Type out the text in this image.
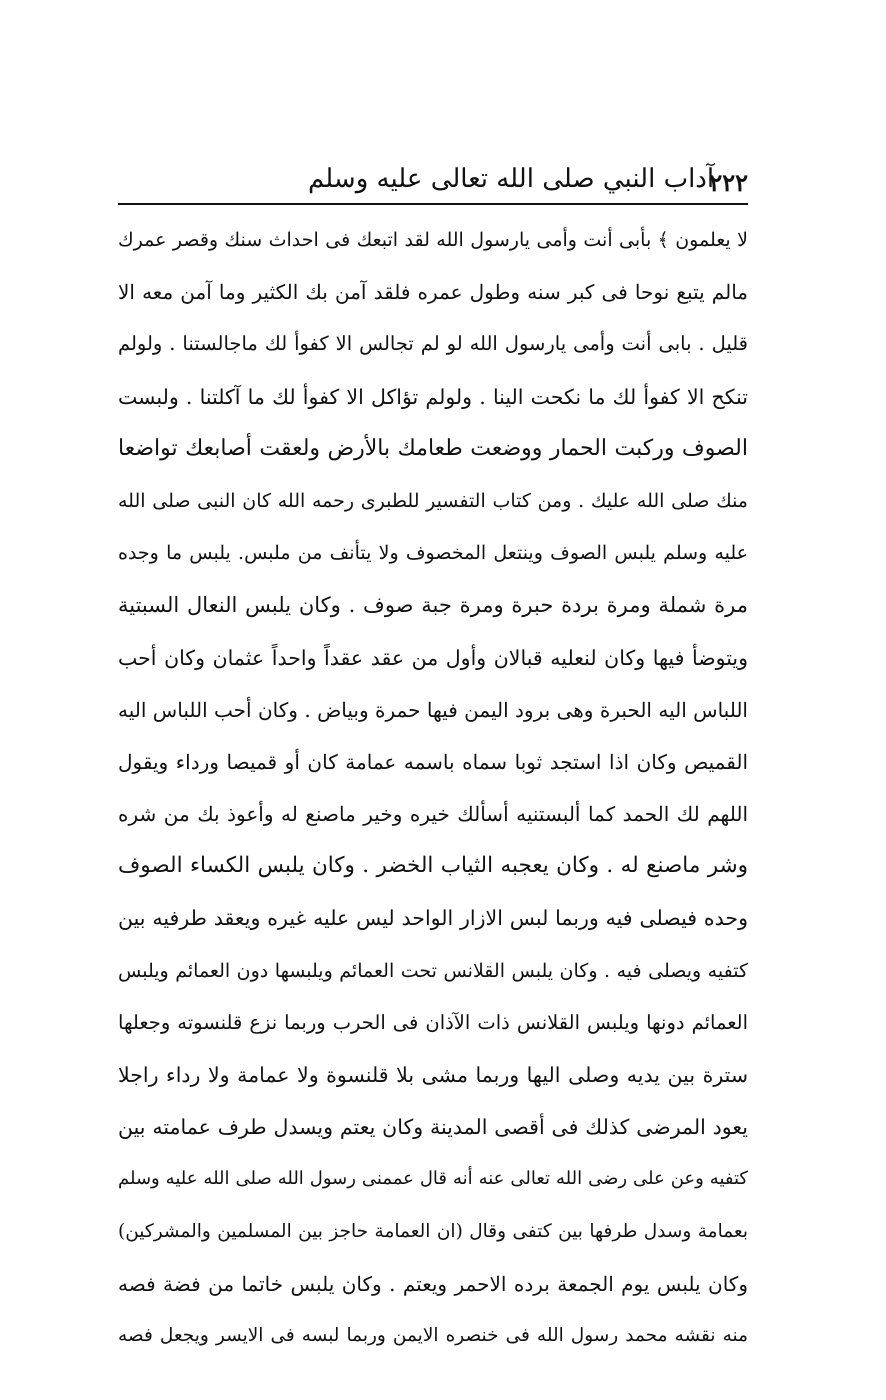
٢٢٢
آداب النبي صلى الله تعالى عليه وسلم
لا يعلمون ﴾ بأبى أنت وأمى يارسول الله لقد اتبعك فى احداث سنك وقصر عمرك
مالم يتبع نوحا فى كبر سنه وطول عمره فلقد آمن بك الكثير وما آمن معه الا
قليل . بابى أنت وأمى يارسول الله لو لم تجالس الا كفوأ لك ماجالستنا . ولولم
تنكح الا كفوأ لك ما نكحت الينا . ولولم تؤاكل الا كفوأ لك ما آكلتنا . ولبست
الصوف وركبت الحمار ووضعت طعامك بالأرض ولعقت أصابعك تواضعا
منك صلى الله عليك . ومن كتاب التفسير للطبرى رحمه الله كان النبى صلى الله
عليه وسلم يلبس الصوف وينتعل المخصوف ولا يتأنف من ملبس. يلبس ما وجده
مرة شملة ومرة بردة حبرة ومرة جبة صوف . وكان يلبس النعال السبتية
ويتوضأ فيها وكان لنعليه قبالان وأول من عقد عقداً واحداً عثمان وكان أحب
اللباس اليه الحبرة وهى برود اليمن فيها حمرة وبياض . وكان أحب اللباس اليه
القميص وكان اذا استجد ثوبا سماه باسمه عمامة كان أو قميصا ورداء ويقول
اللهم لك الحمد كما ألبستنيه أسألك خيره وخير ماصنع له وأعوذ بك من شره
وشر ماصنع له . وكان يعجبه الثياب الخضر . وكان يلبس الكساء الصوف
وحده فيصلى فيه وربما لبس الازار الواحد ليس عليه غيره ويعقد طرفيه بين
كتفيه ويصلى فيه . وكان يلبس القلانس تحت العمائم ويلبسها دون العمائم ويلبس
العمائم دونها ويلبس القلانس ذات الآذان فى الحرب وربما نزع قلنسوته وجعلها
سترة بين يديه وصلى اليها وربما مشى بلا قلنسوة ولا عمامة ولا رداء راجلا
يعود المرضى كذلك فى أقصى المدينة وكان يعتم ويسدل طرف عمامته بين
كتفيه وعن على رضى الله تعالى عنه أنه قال عممنى رسول الله صلى الله عليه وسلم
بعمامة وسدل طرفها بين كتفى وقال (ان العمامة حاجز بين المسلمين والمشركين)
وكان يلبس يوم الجمعة برده الاحمر ويعتم . وكان يلبس خاتما من فضة فصه
منه نقشه محمد رسول الله فى خنصره الايمن وربما لبسه فى الايسر ويجعل فصه
